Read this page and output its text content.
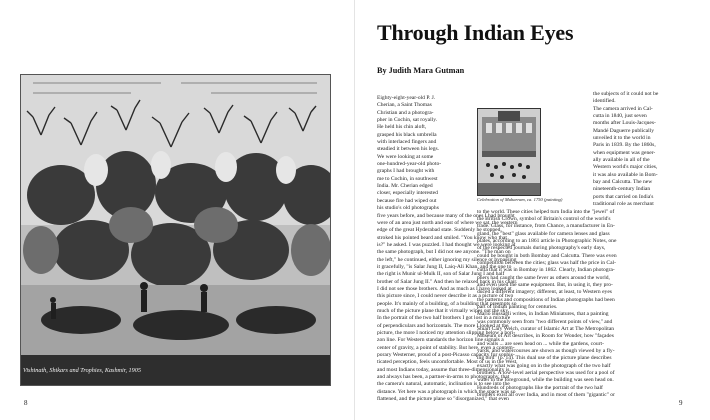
Vishinath, Shikars and Trophies, Kashmir, 1905
8
Through Indian Eyes
By Judith Mara Gutman
Eighty-eight-year-old P. J.
Cherian, a Saint Thomas
Christian and a photogra-
pher in Cochin, sat royally.
He held his chin aloft,
grasped his black umbrella
with interlaced fingers and
steadied it between his legs.
We were looking at some
one-hundred-year-old photo-
graphs I had brought with
me to Cochin, in southwest
India. Mr. Cherian edged
closer, especially interested
because fire had wiped out
his studio's old photographs
five years before, and because many of the ones I had brought
were of an area just north and east of where we sat, the western
edge of the great Hyderabad state. Suddenly he stopped,
stroked his pointed beard and smiled. "You know who that
is?" he asked. I was puzzled. I had thought we were looking at
the same photograph, but I did not see anyone. "The man on
the left," he continued, either ignoring my silence or bypassing
it gracefully, "is Salar Jung II, Laiq-Ali Khan, and the one to
the right is Munir ul-Mulk II, son of Salar Jung I and half
brother of Salar Jung II." And then he relaxed back in his chair.
I did not see those brothers. And as much as I have looked at
this picture since, I could never describe it as a picture of two
people. It's mainly of a building, of a building that preempts so
much of the picture plane that it virtually wipes out the sky.
In the portrait of the two half brothers I got lost in a mixture
of perpendiculars and horizontals. The more I looked at the
picture, the more I noticed my attention slipping below a hori-
zon line. For Western standards the horizon line signals a
center of gravity, a point of stability. But here, even a contem-
porary Westerner, proud of a post-Picasso capacity for sophis-
ticated perception, feels uncomfortable. Most of us in the West,
and most Indians today, assume that three-dimensionality is,
and always has been, a partner-in-arms to photography, that
the camera's natural, automatic, inclination is to see into the
distance. Yet here was a photograph in which the space was so
flattened, and the picture plane so "disorganized," that even
Celebration of Muharram, ca. 1750 (painting)
the subjects of it could not be
identified.
The camera arrived in Cal-
cutta in 1840, just seven
months after Louis-Jacques-
Mandé Daguerre publically
unveiled it to the world in
Paris in 1839. By the 1860s,
when equipment was gener-
ally available in all of the
Western world's major cities,
it was also available in Bom-
bay and Calcutta. The new
nineteenth-century Indian
ports that carried on India's
traditional role as merchant
to the world. These cities helped turn India into the "jewel" of
the British Crown, symbol of Britain's control of the world's
trade. Glass, for instance, from Chance, a manufacturer in En-
gland, the "best" glass available for camera lenses and glass
plates, according to an 1861 article in Photographic Notes, one
of the respected journals during photography's early days,
could be bought in both Bombay and Calcutta. There was even
competition between the cities; glass was half the price in Cal-
cutta that it was in Bombay in 1862. Clearly, Indian photogra-
phers had caught the same fever as others around the world,
and even used the same equipment. But, in using it, they pro-
duced a different imagery; different, at least, to Western eyes
the patterns and compositions of Indian photographs had been
part of Indian painting for centuries.
Mario Bussagli writes, in Indian Miniatures, that a painting
was commonly seen from "two different points of view," and
Stuart Cary Welch, curator of Islamic Art at The Metropolitan
Museum of Art describes, in Room for Wonder, how "façades
and walls ... are seen head on ... while the gardens, court-
yards, and watercourses are shown as though viewed by a fly-
ing bird" (p. 14). This dual use of the picture plane describes
exactly what was going on in the photograph of the two half
brothers. A low-level aerial perspective was used for a pool of
water in the foreground, while the building was seen head on.
Hundreds of photographs like the portrait of the two half
brothers exist all over India, and in most of them "gigantic" or
9
